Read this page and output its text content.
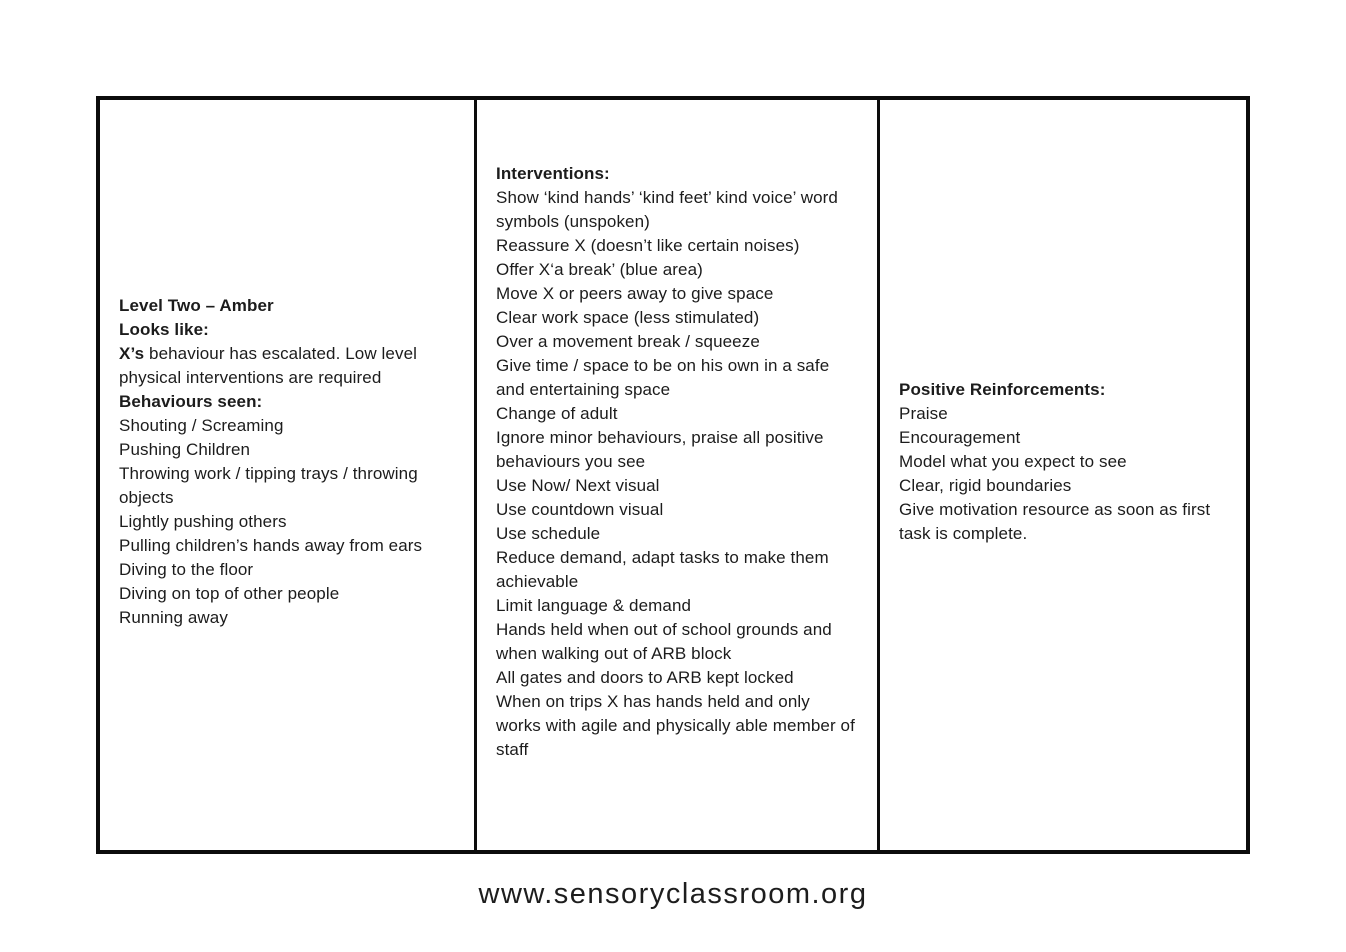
Level Two – Amber
Looks like:
X’s behaviour has escalated. Low level physical interventions are required
Behaviours seen:
Shouting / Screaming
Pushing Children
Throwing work / tipping trays / throwing objects
Lightly pushing others
Pulling children’s hands away from ears
Diving to the floor
Diving on top of other people
Running away
Interventions:
Show ‘kind hands’ ‘kind feet’ kind voice’ word symbols (unspoken)
Reassure X (doesn’t like certain noises)
Offer X‘a break’ (blue area)
Move X or peers away to give space
Clear work space (less stimulated)
Over a movement break / squeeze
Give time / space to be on his own in a safe and entertaining space
Change of adult
Ignore minor behaviours, praise all positive behaviours you see
Use Now/ Next visual
Use countdown visual
Use schedule
Reduce demand, adapt tasks to make them achievable
Limit language & demand
Hands held when out of school grounds and when walking out of ARB block
All gates and doors to ARB kept locked
When on trips X has hands held and only works with agile and physically able member of staff
Positive Reinforcements:
Praise
Encouragement
Model what you expect to see
Clear, rigid boundaries
Give motivation resource as soon as first task is complete.
www.sensoryclassroom.org
